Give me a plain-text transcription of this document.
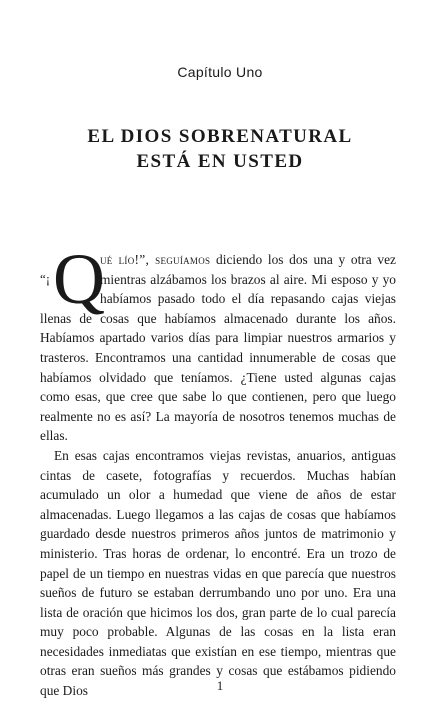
Capítulo Uno
EL DIOS SOBRENATURAL
ESTÁ EN USTED

“¡ Q
ué lío!”, seguíamos diciendo los dos una y otra vez mientras alzábamos los brazos al aire. Mi esposo y yo habíamos pasado todo el día repasando cajas viejas llenas de cosas que habíamos almacenado durante los años. Habíamos apartado varios días para limpiar nuestros armarios y trasteros. Encontramos una cantidad innumerable de cosas que habíamos olvidado que teníamos. ¿Tiene usted algunas cajas como esas, que cree que sabe lo que contienen, pero que luego realmente no es así? La mayoría de nosotros tenemos muchas de ellas.

En esas cajas encontramos viejas revistas, anuarios, antiguas cintas de casete, fotografías y recuerdos. Muchas habían acumulado un olor a humedad que viene de años de estar almacenadas. Luego llegamos a las cajas de cosas que habíamos guardado desde nuestros primeros años juntos de matrimonio y ministerio. Tras horas de ordenar, lo encontré. Era un trozo de papel de un tiempo en nuestras vidas en que parecía que nuestros sueños de futuro se estaban derrumbando uno por uno. Era una lista de oración que hicimos los dos, gran parte de lo cual parecía muy poco probable. Algunas de las cosas en la lista eran necesidades inmediatas que existían en ese tiempo, mientras que otras eran sueños más grandes y cosas que estábamos pidiendo que Dios	1
